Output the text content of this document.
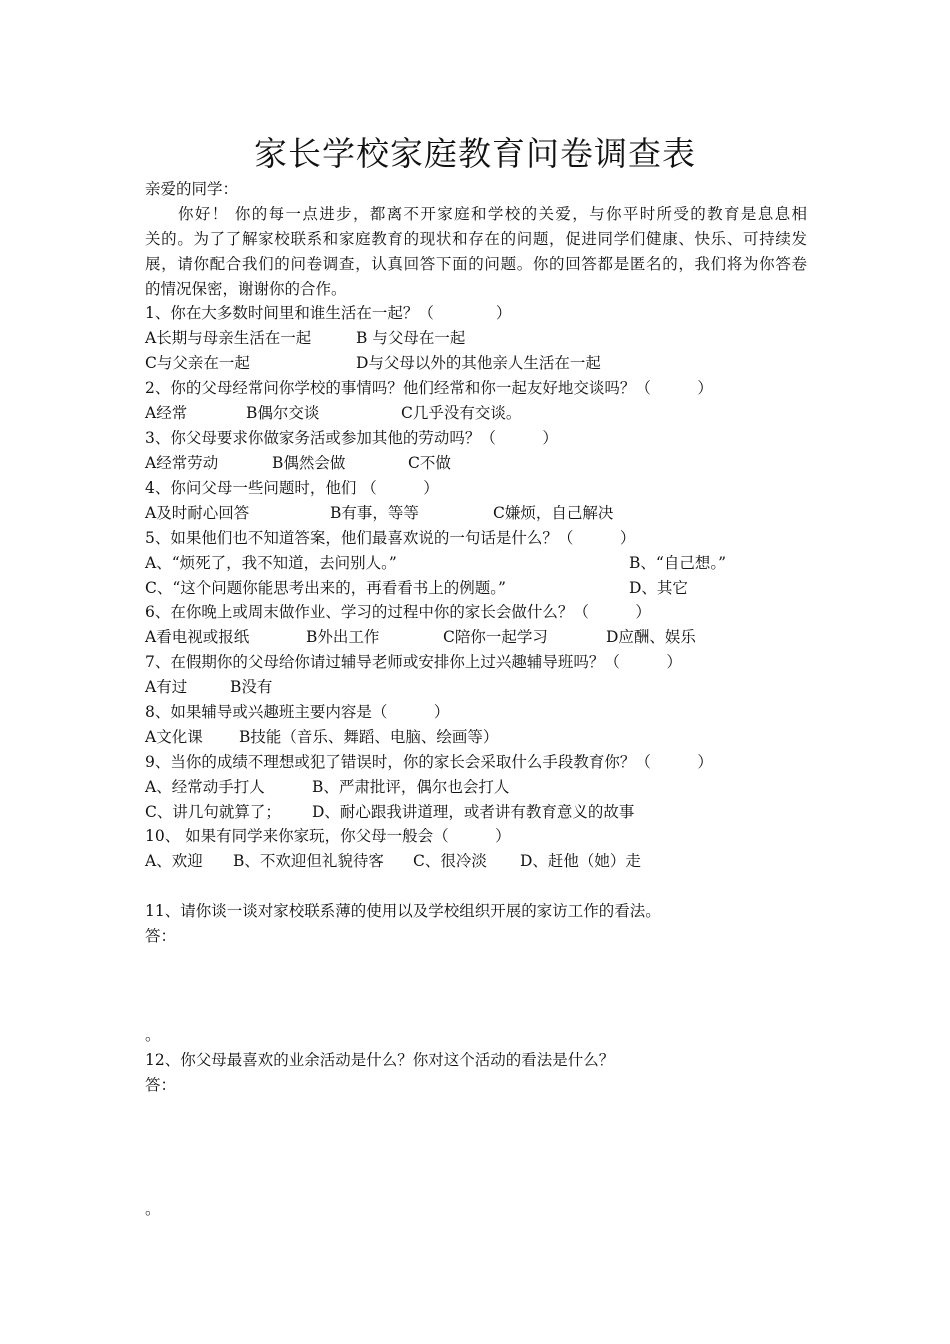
家长学校家庭教育问卷调查表
亲爱的同学：
你好！ 你的每一点进步，都离不开家庭和学校的关爱，与你平时所受的教育是息息相
关的。为了了解家校联系和家庭教育的现状和存在的问题，促进同学们健康、快乐、可持续发
展，请你配合我们的问卷调查，认真回答下面的问题。你的回答都是匿名的，我们将为你答卷
的情况保密，谢谢你的合作。
1、你在大多数时间里和谁生活在一起？（　　　　）

A长期与母亲生活在一起

	B 与父母在一起

C与父亲在一起

	D与父母以外的其他亲人生活在一起

2、你的父母经常问你学校的事情吗？他们经常和你一起友好地交谈吗？（　　　）

A经常

	B偶尔交谈

	C几乎没有交谈。

3、你父母要求你做家务活或参加其他的劳动吗？（　　　）

A经常劳动

	B偶然会做

	C不做

4、你问父母一些问题时，他们 （　　　）

A及时耐心回答

	B有事，等等

	C嫌烦，自己解决

5、如果他们也不知道答案，他们最喜欢说的一句话是什么？（　　　）

A、“烦死了，我不知道，去问别人。”

	B、“自己想。”

C、“这个问题你能思考出来的，再看看书上的例题。”

	D、其它

6、在你晚上或周末做作业、学习的过程中你的家长会做什么？（　　　）

A看电视或报纸

	B外出工作

	C陪你一起学习

	D应酬、娱乐

7、在假期你的父母给你请过辅导老师或安排你上过兴趣辅导班吗？（　　　）

A有过

	B没有

8、如果辅导或兴趣班主要内容是（　　　）

A文化课

B技能（音乐、舞蹈、电脑、绘画等）

9、当你的成绩不理想或犯了错误时，你的家长会采取什么手段教育你？（　　　）

A、经常动手打人

	B、严肃批评，偶尔也会打人

C、讲几句就算了；

D、耐心跟我讲道理，或者讲有教育意义的故事

10、 如果有同学来你家玩，你父母一般会（　　　）

A、欢迎

B、不欢迎但礼貌待客

C、很冷淡

D、赶他（她）走

11、请你谈一谈对家校联系薄的使用以及学校组织开展的家访工作的看法。
答：
。
12、你父母最喜欢的业余活动是什么？你对这个活动的看法是什么？
答：
。
